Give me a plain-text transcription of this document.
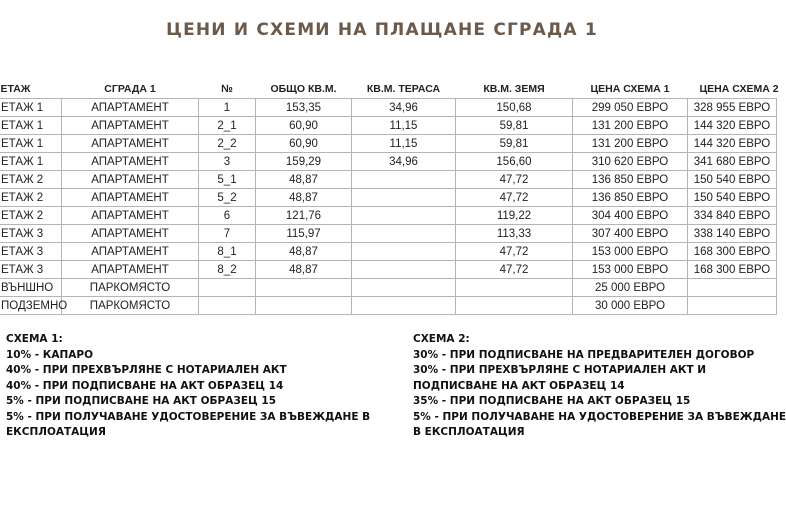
ЦЕНИ И СХЕМИ НА ПЛАЩАНЕ СГРАДА 1
ЕТАЖ	СГРАДА 1	№	ОБЩО КВ.М.	КВ.М. ТЕРАСА	КВ.М. ЗЕМЯ	ЦЕНА СХЕМА 1	ЦЕНА СХЕМА 2
ЕТАЖ 1	АПАРТАМЕНТ	1	153,35	34,96	150,68	299 050 ЕВРО	328 955 ЕВРО
ЕТАЖ 1	АПАРТАМЕНТ	2_1	60,90	11,15	59,81	131 200 ЕВРО	144 320 ЕВРО
ЕТАЖ 1	АПАРТАМЕНТ	2_2	60,90	11,15	59,81	131 200 ЕВРО	144 320 ЕВРО
ЕТАЖ 1	АПАРТАМЕНТ	3	159,29	34,96	156,60	310 620 ЕВРО	341 680 ЕВРО
ЕТАЖ 2	АПАРТАМЕНТ	5_1	48,87		47,72	136 850 ЕВРО	150 540 ЕВРО
ЕТАЖ 2	АПАРТАМЕНТ	5_2	48,87		47,72	136 850 ЕВРО	150 540 ЕВРО
ЕТАЖ 2	АПАРТАМЕНТ	6	121,76		119,22	304 400 ЕВРО	334 840 ЕВРО
ЕТАЖ 3	АПАРТАМЕНТ	7	115,97		113,33	307 400 ЕВРО	338 140 ЕВРО
ЕТАЖ 3	АПАРТАМЕНТ	8_1	48,87		47,72	153 000 ЕВРО	168 300 ЕВРО
ЕТАЖ 3	АПАРТАМЕНТ	8_2	48,87		47,72	153 000 ЕВРО	168 300 ЕВРО
ВЪНШНО	ПАРКОМЯСТО					25 000 ЕВРО	
ПОДЗЕМНО	ПАРКОМЯСТО					30 000 ЕВРО	
СХЕМА 1:
10% - КАПАРО
40% - ПРИ ПРЕХВЪРЛЯНЕ С НОТАРИАЛЕН АКТ
40% - ПРИ ПОДПИСВАНЕ НА АКТ ОБРАЗЕЦ 14
5% - ПРИ ПОДПИСВАНЕ НА АКТ ОБРАЗЕЦ 15
5% - ПРИ ПОЛУЧАВАНЕ УДОСТОВЕРЕНИЕ ЗА ВЪВЕЖДАНЕ В
ЕКСПЛОАТАЦИЯ
СХЕМА 2:
30% - ПРИ ПОДПИСВАНЕ НА ПРЕДВАРИТЕЛЕН ДОГОВОР
30% - ПРИ ПРЕХВЪРЛЯНЕ С НОТАРИАЛЕН АКТ И
ПОДПИСВАНЕ НА АКТ ОБРАЗЕЦ 14
35% - ПРИ ПОДПИСВАНЕ НА АКТ ОБРАЗЕЦ 15
5% - ПРИ ПОЛУЧАВАНЕ НА УДОСТОВЕРЕНИЕ ЗА ВЪВЕЖДАНЕ
В ЕКСПЛОАТАЦИЯ
